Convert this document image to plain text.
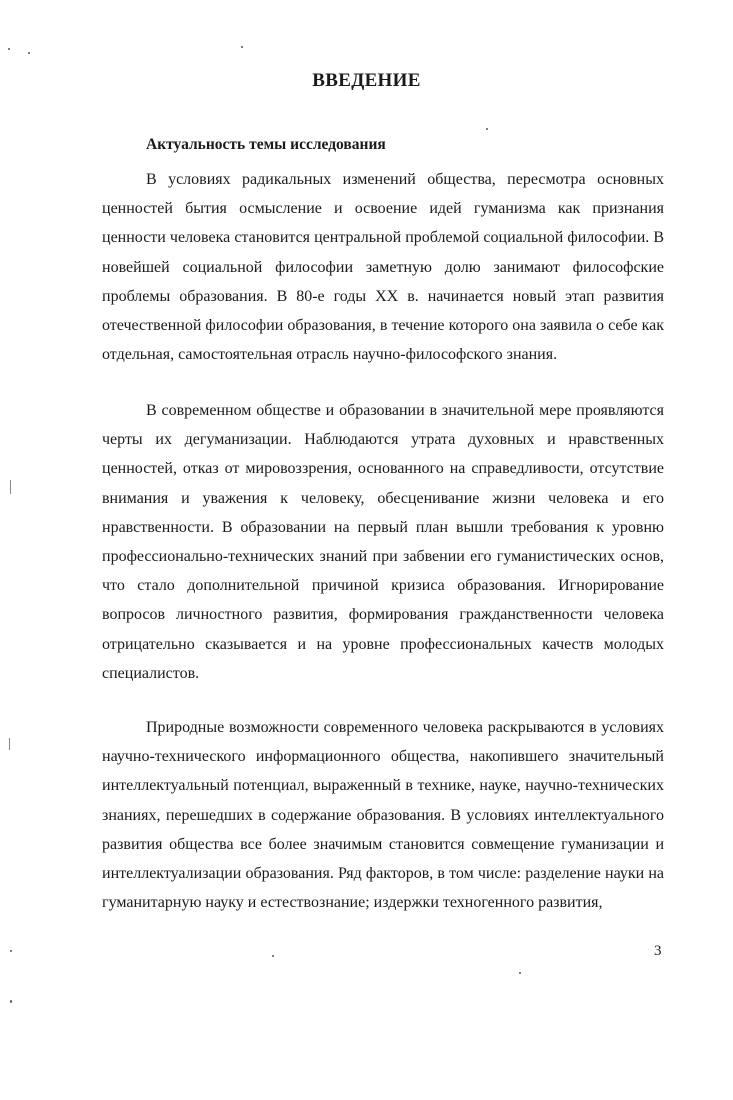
ВВЕДЕНИЕ
Актуальность темы исследования

В условиях радикальных изменений общества, пересмотра основных ценностей бытия осмысление и освоение идей гуманизма как признания ценности человека становится центральной проблемой социальной философии. В новейшей социальной философии заметную долю занимают философские проблемы образования. В 80-е годы XX в. начинается новый этап развития отечественной философии образования, в течение которого она заявила о себе как отдельная, самостоятельная отрасль научно-философского знания.

В современном обществе и образовании в значительной мере проявляются черты их дегуманизации. Наблюдаются утрата духовных и нравственных ценностей, отказ от мировоззрения, основанного на справедливости, отсутствие внимания и уважения к человеку, обесценивание жизни человека и его нравственности. В образовании на первый план вышли требования к уровню профессионально-технических знаний при забвении его гуманистических основ, что стало дополнительной причиной кризиса образования. Игнорирование вопросов личностного развития, формирования гражданственности человека отрицательно сказывается и на уровне профессиональных качеств молодых специалистов.

Природные возможности современного человека раскрываются в условиях научно-технического информационного общества, накопившего значительный интеллектуальный потенциал, выраженный в технике, науке, научно-технических знаниях, перешедших в содержание образования. В условиях интеллектуального развития общества все более значимым становится совмещение гуманизации и интеллектуализации образования. Ряд факторов, в том числе: разделение науки на гуманитарную науку и естествознание; издержки техногенного развития,

3
